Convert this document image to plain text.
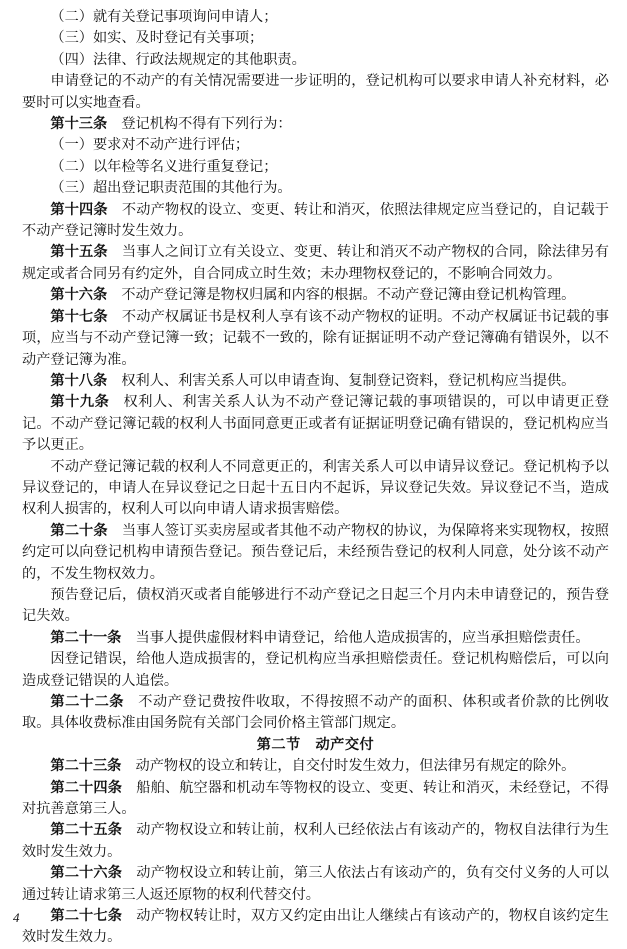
（二）就有关登记事项询问申请人；

（三）如实、及时登记有关事项；

（四）法律、行政法规规定的其他职责。

申请登记的不动产的有关情况需要进一步证明的，登记机构可以要求申请人补充材料，必要时可以实地查看。

第十三条 登记机构不得有下列行为：

（一）要求对不动产进行评估；

（二）以年检等名义进行重复登记；

（三）超出登记职责范围的其他行为。

第十四条 不动产物权的设立、变更、转让和消灭，依照法律规定应当登记的，自记载于不动产登记簿时发生效力。

第十五条 当事人之间订立有关设立、变更、转让和消灭不动产物权的合同，除法律另有规定或者合同另有约定外，自合同成立时生效；未办理物权登记的，不影响合同效力。

第十六条 不动产登记簿是物权归属和内容的根据。不动产登记簿由登记机构管理。

第十七条 不动产权属证书是权利人享有该不动产物权的证明。不动产权属证书记载的事项，应当与不动产登记簿一致；记载不一致的，除有证据证明不动产登记簿确有错误外，以不动产登记簿为准。

第十八条 权利人、利害关系人可以申请查询、复制登记资料，登记机构应当提供。

第十九条 权利人、利害关系人认为不动产登记簿记载的事项错误的，可以申请更正登记。不动产登记簿记载的权利人书面同意更正或者有证据证明登记确有错误的，登记机构应当予以更正。

不动产登记簿记载的权利人不同意更正的，利害关系人可以申请异议登记。登记机构予以异议登记的，申请人在异议登记之日起十五日内不起诉，异议登记失效。异议登记不当，造成权利人损害的，权利人可以向申请人请求损害赔偿。

第二十条 当事人签订买卖房屋或者其他不动产物权的协议，为保障将来实现物权，按照约定可以向登记机构申请预告登记。预告登记后，未经预告登记的权利人同意，处分该不动产的，不发生物权效力。

预告登记后，债权消灭或者自能够进行不动产登记之日起三个月内未申请登记的，预告登记失效。

第二十一条 当事人提供虚假材料申请登记，给他人造成损害的，应当承担赔偿责任。

因登记错误，给他人造成损害的，登记机构应当承担赔偿责任。登记机构赔偿后，可以向造成登记错误的人追偿。

第二十二条 不动产登记费按件收取，不得按照不动产的面积、体积或者价款的比例收取。具体收费标准由国务院有关部门会同价格主管部门规定。

第二节　动产交付

第二十三条 动产物权的设立和转让，自交付时发生效力，但法律另有规定的除外。

第二十四条 船舶、航空器和机动车等物权的设立、变更、转让和消灭，未经登记，不得对抗善意第三人。

第二十五条 动产物权设立和转让前，权利人已经依法占有该动产的，物权自法律行为生效时发生效力。

第二十六条 动产物权设立和转让前，第三人依法占有该动产的，负有交付义务的人可以通过转让请求第三人返还原物的权利代替交付。

第二十七条 动产物权转让时，双方又约定由出让人继续占有该动产的，物权自该约定生效时发生效力。

4
